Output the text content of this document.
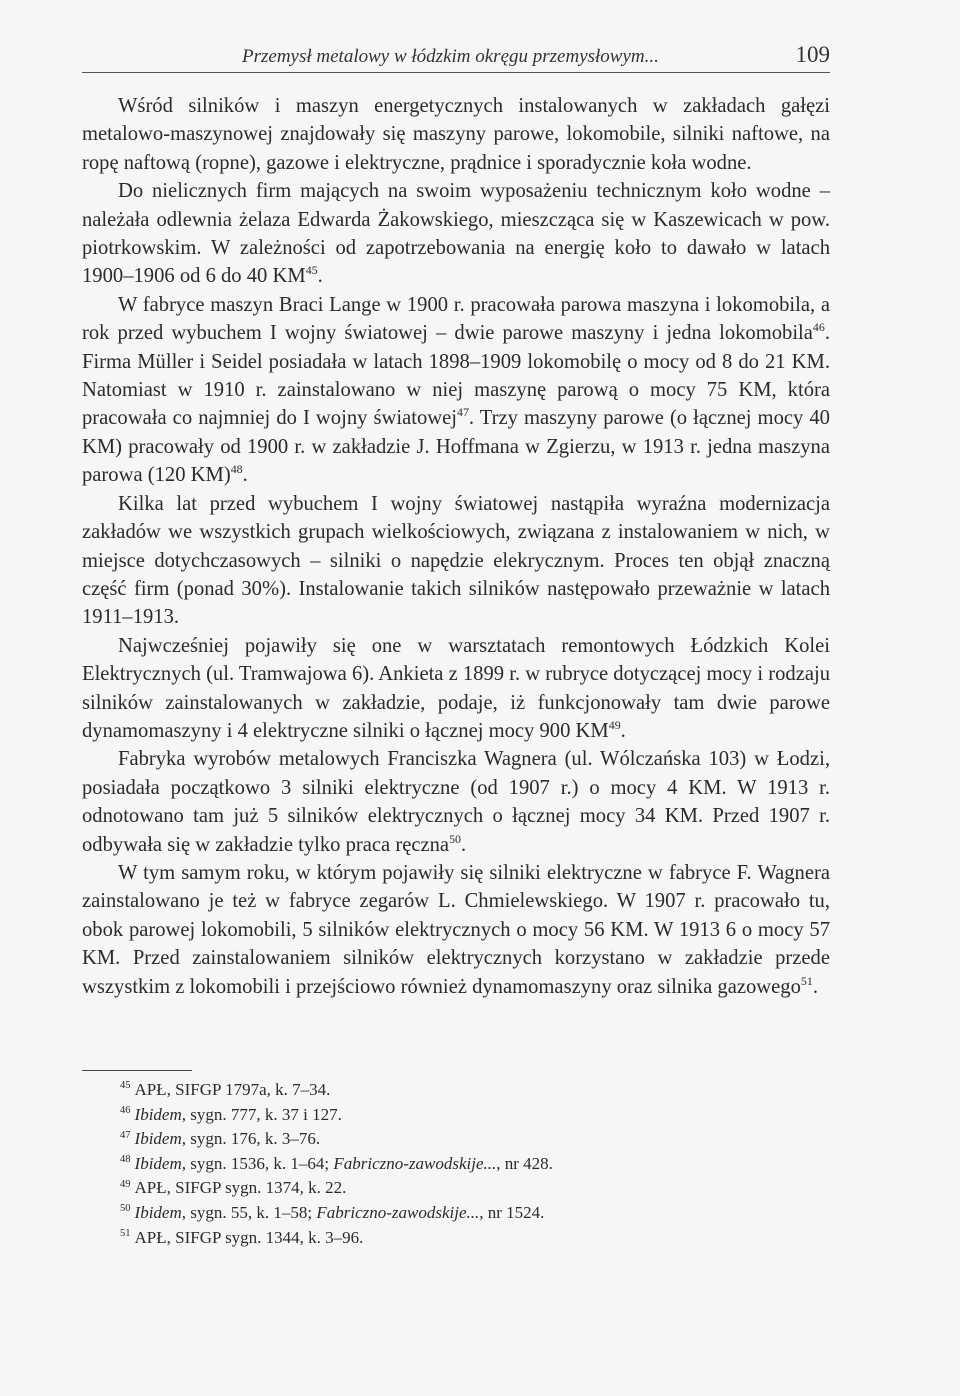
Przemysł metalowy w łódzkim okręgu przemysłowym...	109

Wśród silników i maszyn energetycznych instalowanych w zakładach gałęzi metalowo-maszynowej znajdowały się maszyny parowe, lokomobile, silniki naftowe, na ropę naftową (ropne), gazowe i elektryczne, prądnice i sporadycznie koła wodne.

Do nielicznych firm mających na swoim wyposażeniu technicznym koło wodne – należała odlewnia żelaza Edwarda Żakowskiego, mieszcząca się w Kaszewicach w pow. piotrkowskim. W zależności od zapotrzebowania na energię koło to dawało w latach 1900–1906 od 6 do 40 KM$^{45}$.

W fabryce maszyn Braci Lange w 1900 r. pracowała parowa maszyna i lokomobila, a rok przed wybuchem I wojny światowej – dwie parowe maszyny i jedna lokomobila$^{46}$. Firma Müller i Seidel posiadała w latach 1898–1909 lokomobilę o mocy od 8 do 21 KM. Natomiast w 1910 r. zainstalowano w niej maszynę parową o mocy 75 KM, która pracowała co najmniej do I wojny światowej$^{47}$. Trzy maszyny parowe (o łącznej mocy 40 KM) pracowały od 1900 r. w zakładzie J. Hoffmana w Zgierzu, w 1913 r. jedna maszyna parowa (120 KM)$^{48}$.

Kilka lat przed wybuchem I wojny światowej nastąpiła wyraźna modernizacja zakładów we wszystkich grupach wielkościowych, związana z instalowaniem w nich, w miejsce dotychczasowych – silniki o napędzie elekrycznym. Proces ten objął znaczną część firm (ponad 30%). Instalowanie takich silników następowało przeważnie w latach 1911–1913.

Najwcześniej pojawiły się one w warsztatach remontowych Łódzkich Kolei Elektrycznych (ul. Tramwajowa 6). Ankieta z 1899 r. w rubryce dotyczącej mocy i rodzaju silników zainstalowanych w zakładzie, podaje, iż funkcjonowały tam dwie parowe dynamomaszyny i 4 elektryczne silniki o łącznej mocy 900 KM$^{49}$.

Fabryka wyrobów metalowych Franciszka Wagnera (ul. Wólczańska 103) w Łodzi, posiadała początkowo 3 silniki elektryczne (od 1907 r.) o mocy 4 KM. W 1913 r. odnotowano tam już 5 silników elektrycznych o łącznej mocy 34 KM. Przed 1907 r. odbywała się w zakładzie tylko praca ręczna$^{50}$.

W tym samym roku, w którym pojawiły się silniki elektryczne w fabryce F. Wagnera zainstalowano je też w fabryce zegarów L. Chmielewskiego. W 1907 r. pracowało tu, obok parowej lokomobili, 5 silników elektrycznych o mocy 56 KM. W 1913 6 o mocy 57 KM. Przed zainstalowaniem silników elektrycznych korzystano w zakładzie przede wszystkim z lokomobili i przejściowo również dynamomaszyny oraz silnika gazowego$^{51}$.

$^{45}$ APŁ, SIFGP 1797a, k. 7–34.
$^{46}$ Ibidem, sygn. 777, k. 37 i 127.
$^{47}$ Ibidem, sygn. 176, k. 3–76.
$^{48}$ Ibidem, sygn. 1536, k. 1–64; Fabriczno-zawodskije..., nr 428.
$^{49}$ APŁ, SIFGP sygn. 1374, k. 22.
$^{50}$ Ibidem, sygn. 55, k. 1–58; Fabriczno-zawodskije..., nr 1524.
$^{51}$ APŁ, SIFGP sygn. 1344, k. 3–96.
